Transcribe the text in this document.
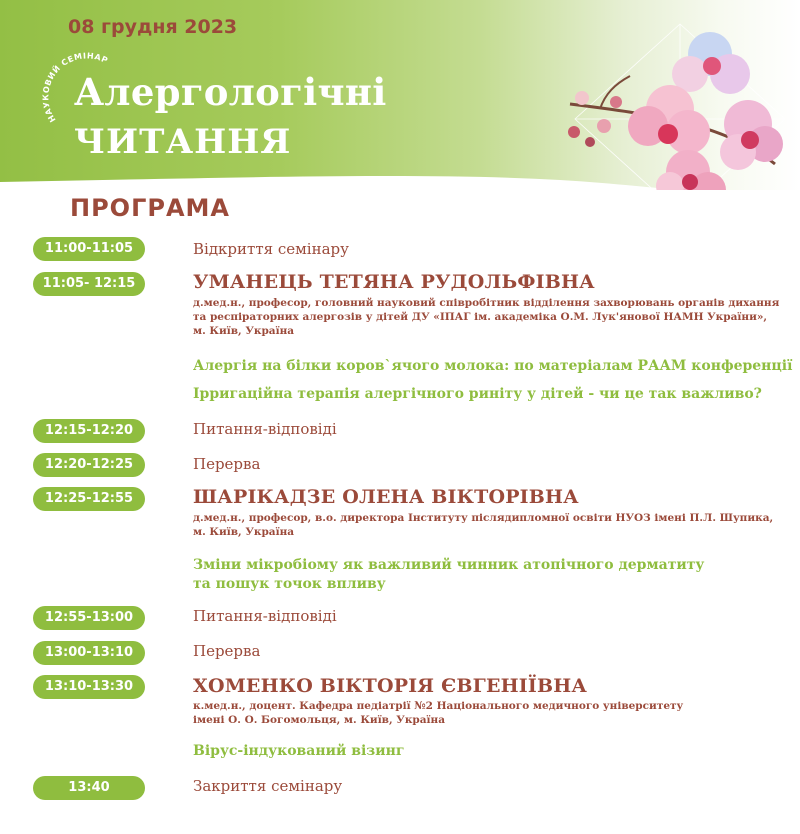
08 грудня 2023
НАУКОВИЙ СЕМІНАР
Алергологічні
ЧИТАННЯ
ПРОГРАМА
11:00-11:05	Відкриття семінару
11:05- 12:15	УМАНЕЦЬ ТЕТЯНА РУДОЛЬФІВНА
д.мед.н., професор, головний науковий співробітник відділення захворювань органів дихання
та респіраторних алергозів у дітей ДУ «ІПАГ ім. академіка О.М. Лук'янової НАМН України»,
м. Київ, Україна
Алергія на білки коров`ячого молока: по матеріалам РААМ конференції
Ірригаційна терапія алергічного риніту у дітей - чи це так важливо?
12:15-12:20	Питання-відповіді
12:20-12:25	Перерва
12:25-12:55	ШАРІКАДЗЕ ОЛЕНА ВІКТОРІВНА
д.мед.н., професор, в.о. директора Інституту післядипломної освіти НУОЗ імені П.Л. Шупика,
м. Київ, Україна
Зміни мікробіому як важливий чинник атопічного дерматиту
та пошук точок впливу
12:55-13:00	Питання-відповіді
13:00-13:10	Перерва
13:10-13:30	ХОМЕНКО ВІКТОРІЯ ЄВГЕНІЇВНА
к.мед.н., доцент. Кафедра педіатрії №2 Національного медичного університету
імені О. О. Богомольця, м. Київ, Україна
Вірус-індукований візинг
13:40	Закриття семінару
